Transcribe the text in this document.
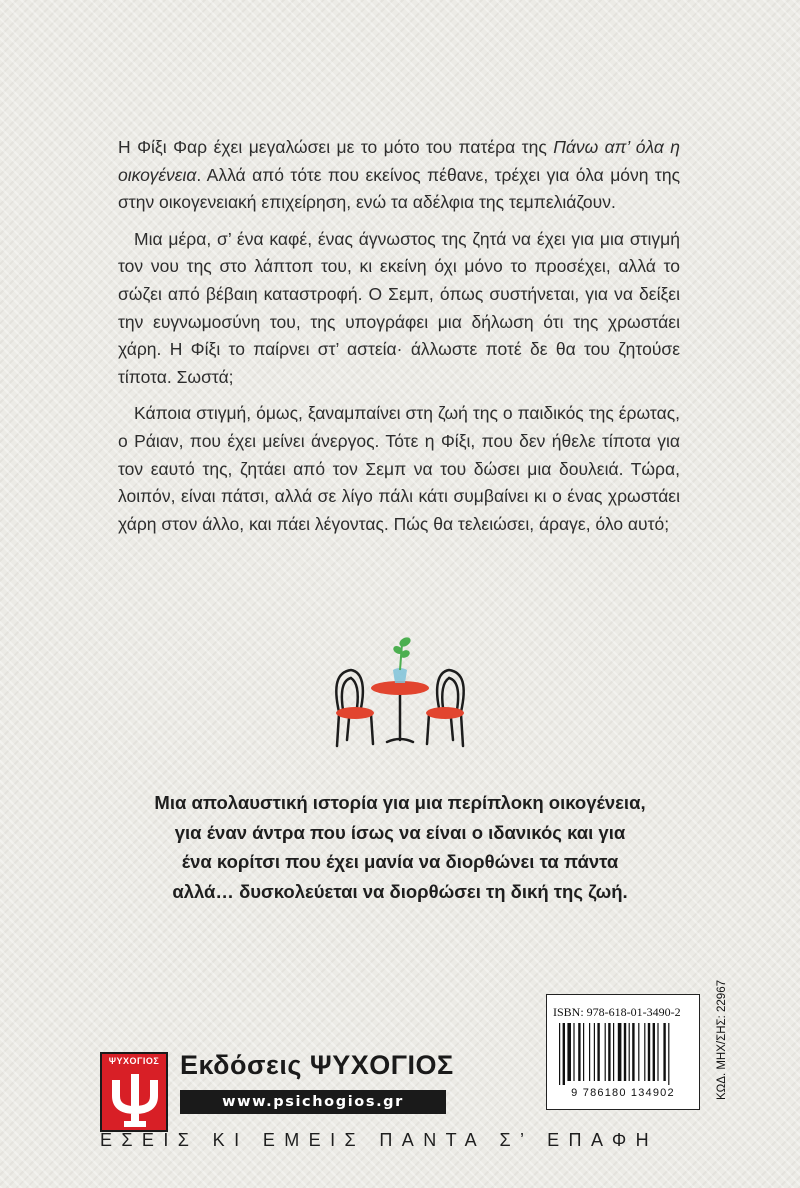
Η Φίξι Φαρ έχει μεγαλώσει με το μότο του πατέρα της Πάνω απ’ όλα η οικογένεια. Αλλά από τότε που εκείνος πέθανε, τρέχει για όλα μόνη της στην οικογενειακή επιχείρηση, ενώ τα αδέλφια της τεμπελιάζουν.

Μια μέρα, σ’ ένα καφέ, ένας άγνωστος της ζητά να έχει για μια στιγμή τον νου της στο λάπτοπ του, κι εκείνη όχι μόνο το προσέχει, αλλά το σώζει από βέβαιη καταστροφή. Ο Σεμπ, όπως συστήνεται, για να δείξει την ευγνωμοσύνη του, της υπογράφει μια δήλωση ότι της χρωστάει χάρη. Η Φίξι το παίρνει στ’ αστεία· άλλωστε ποτέ δε θα του ζητούσε τίποτα. Σωστά;

Κάποια στιγμή, όμως, ξαναμπαίνει στη ζωή της ο παιδικός της έρωτας, ο Ράιαν, που έχει μείνει άνεργος. Τότε η Φίξι, που δεν ήθελε τίποτα για τον εαυτό της, ζητάει από τον Σεμπ να του δώσει μια δουλειά. Τώρα, λοιπόν, είναι πάτσι, αλλά σε λίγο πάλι κάτι συμβαίνει κι ο ένας χρωστάει χάρη στον άλλο, και πάει λέγοντας. Πώς θα τελειώσει, άραγε, όλο αυτό;

Μια απολαυστική ιστορία για μια περίπλοκη οικογένεια,
για έναν άντρα που ίσως να είναι ο ιδανικός και για
ένα κορίτσι που έχει μανία να διορθώνει τα πάντα
αλλά… δυσκολεύεται να διορθώσει τη δική της ζωή.
ΨΥΧΟΓΙΟΣ Εκδόσεις ΨΥΧΟΓΙΟΣ
www.psichogios.gr
ΕΣΕΙΣ ΚΙ ΕΜΕΙΣ ΠΑΝΤΑ Σ’ ΕΠΑΦΗ
ISBN: 978-618-01-3490-2
9 786180 134902	ΚΩΔ. ΜΗΧ/ΣΗΣ: 22967
